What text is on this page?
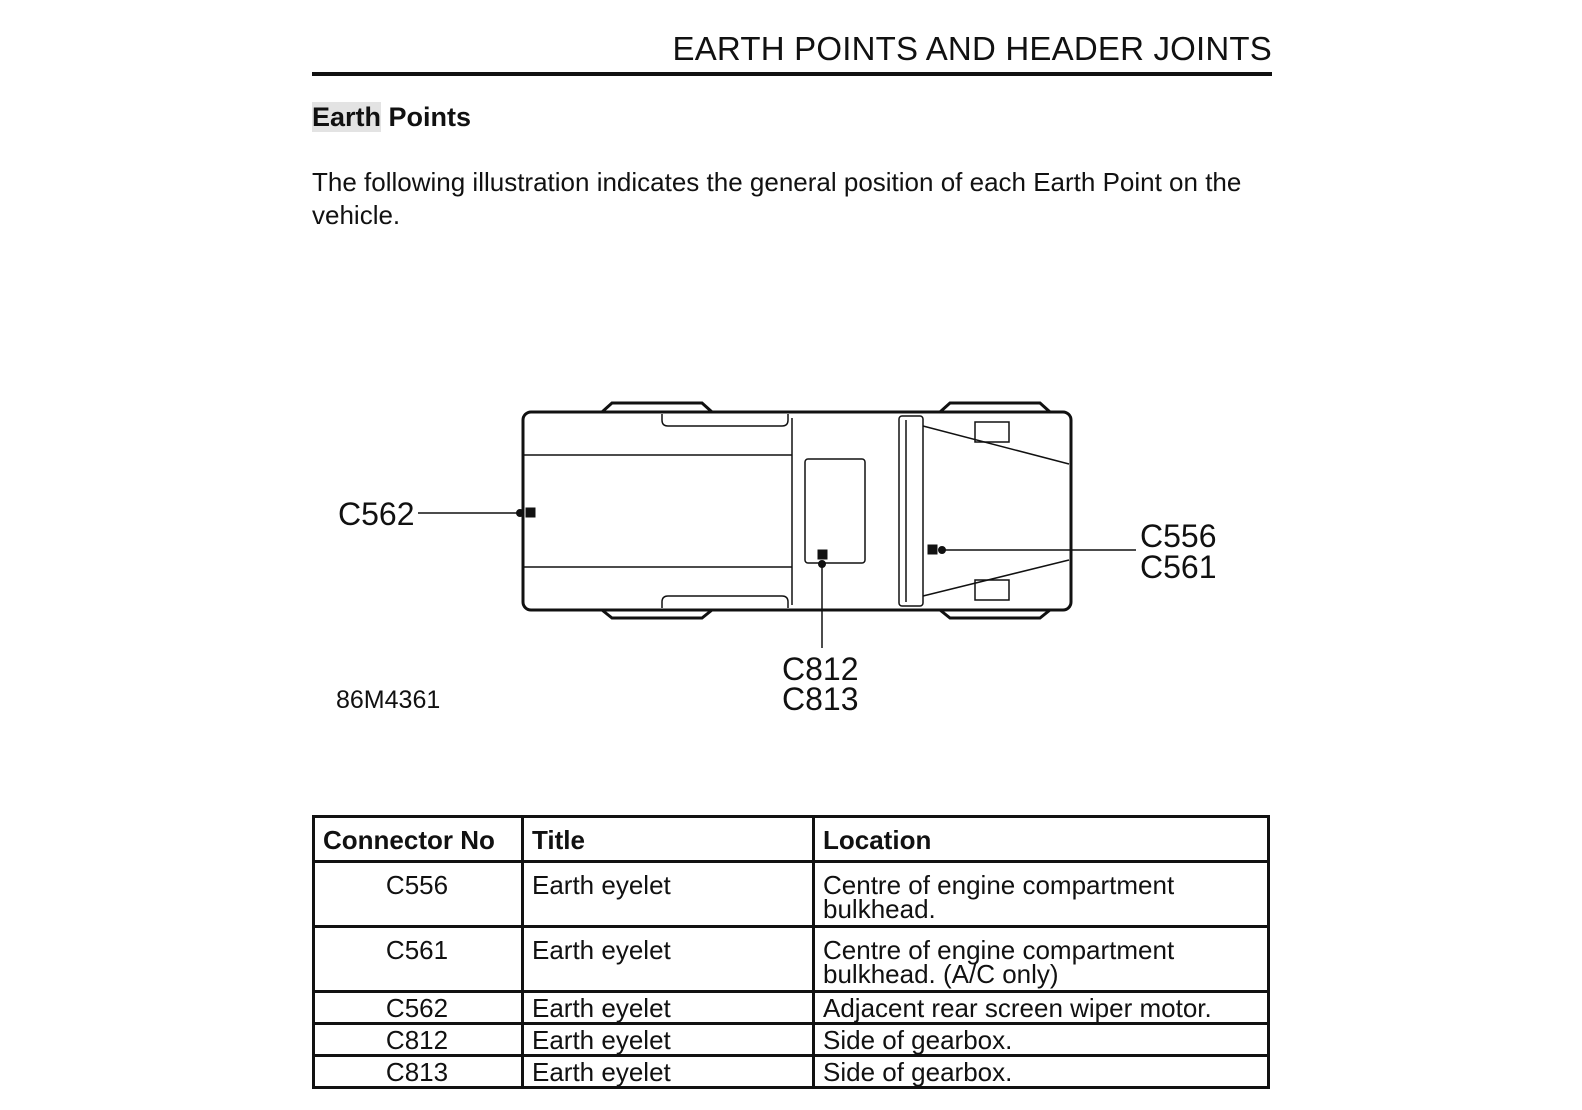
EARTH POINTS AND HEADER JOINTS
Earth Points
The following illustration indicates the general position of each Earth Point on the vehicle.
C562
C556
C561
C812
C813
86M4361
Connector No	Title	Location
C556	Earth eyelet	Centre of engine compartment
bulkhead.

C561	Earth eyelet	Centre of engine compartment
bulkhead. (A/C only)

C562	Earth eyelet	Adjacent rear screen wiper motor.
C812	Earth eyelet	Side of gearbox.
C813	Earth eyelet	Side of gearbox.
